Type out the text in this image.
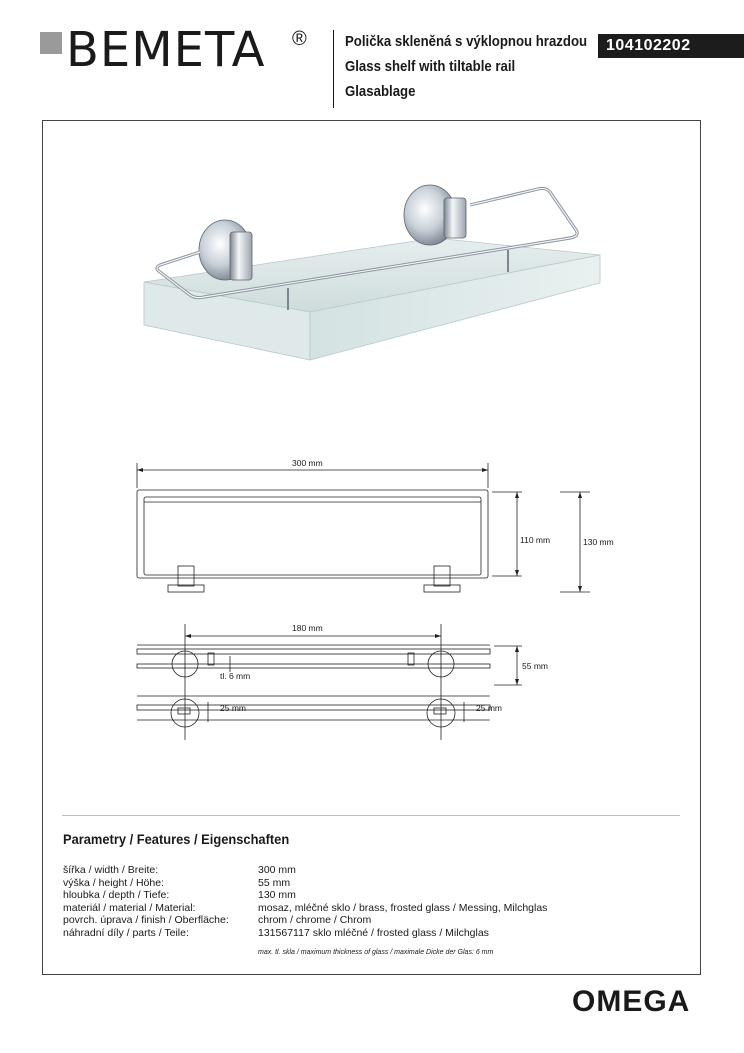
BEMETA ®	Polička skleněná s výklopnou hrazdou
Glass shelf with tiltable rail
Glasablage
104102202
300 mm
110 mm	130 mm
180 mm
55 mm
tl. 6 mm
25 mm	25 mm
Parametry / Features / Eigenschaften
šířka / width / Breite:	300 mm
výška / height / Höhe:	55 mm
hloubka / depth / Tiefe:	130 mm
materiál / material / Material:	mosaz, mléčné sklo / brass, frosted glass / Messing, Milchglas
povrch. úprava / finish / Oberfläche:	chrom / chrome / Chrom
náhradní díly / parts / Teile:	131567117 sklo mléčné / frosted glass / Milchglas
max. tl. skla / maximum thickness of glass / maximale Dicke der Glas: 6 mm
OMEGA
